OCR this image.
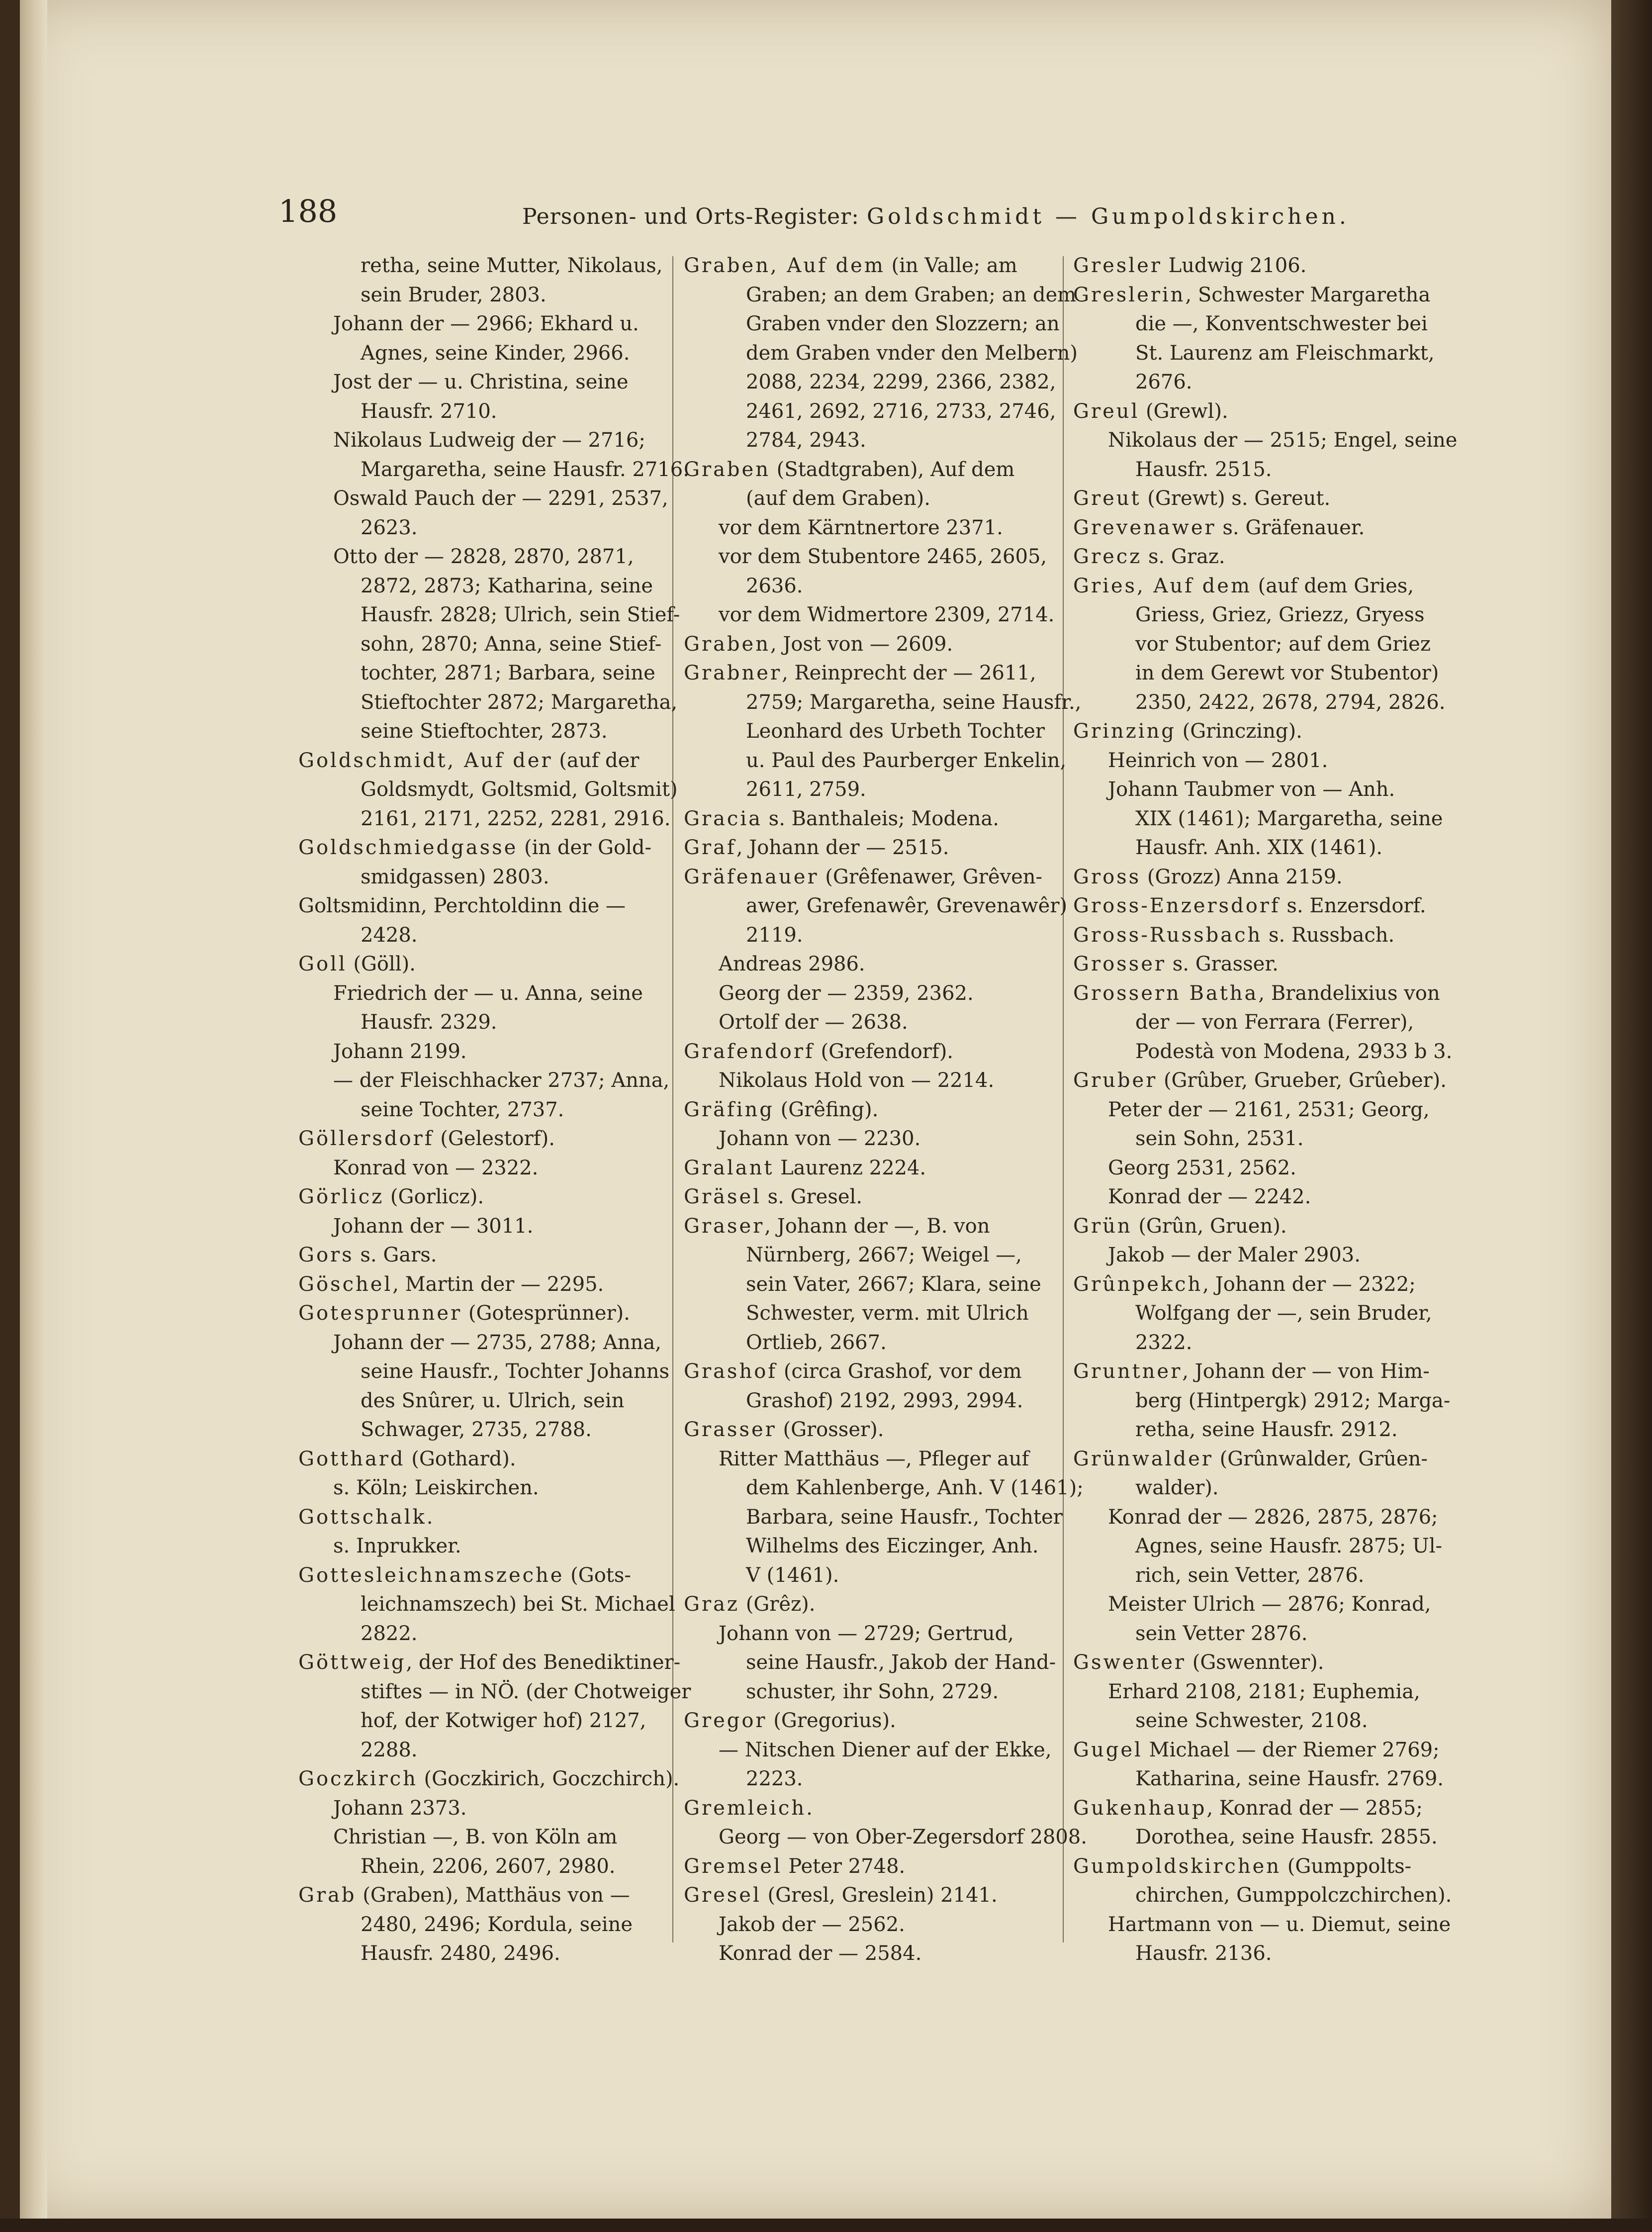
188	Personen- und Orts-Register: Goldschmidt — Gumpoldskirchen.
retha, seine Mutter, Nikolaus,
sein Bruder, 2803.
Johann der — 2966; Ekhard u.
Agnes, seine Kinder, 2966.
Jost der — u. Christina, seine
Hausfr. 2710.
Nikolaus Ludweig der — 2716;
Margaretha, seine Hausfr. 2716.
Oswald Pauch der — 2291, 2537,
2623.
Otto der — 2828, 2870, 2871,
2872, 2873; Katharina, seine
Hausfr. 2828; Ulrich, sein Stief-
sohn, 2870; Anna, seine Stief-
tochter, 2871; Barbara, seine
Stieftochter 2872; Margaretha,
seine Stieftochter, 2873.
Goldschmidt, Auf der (auf der
Goldsmydt, Goltsmid, Goltsmit)
2161, 2171, 2252, 2281, 2916.
Goldschmiedgasse (in der Gold-
smidgassen) 2803.
Goltsmidinn, Perchtoldinn die —
2428.
Goll (Göll).
Friedrich der — u. Anna, seine
Hausfr. 2329.
Johann 2199.
— der Fleischhacker 2737; Anna,
seine Tochter, 2737.
Göllersdorf (Gelestorf).
Konrad von — 2322.
Görlicz (Gorlicz).
Johann der — 3011.
Gors s. Gars.
Göschel, Martin der — 2295.
Gotesprunner (Gotesprünner).
Johann der — 2735, 2788; Anna,
seine Hausfr., Tochter Johanns
des Snûrer, u. Ulrich, sein
Schwager, 2735, 2788.
Gotthard (Gothard).
s. Köln; Leiskirchen.
Gottschalk.
s. Inprukker.
Gottesleichnamszeche (Gots-
leichnamszech) bei St. Michael
2822.
Göttweig, der Hof des Benediktiner-
stiftes — in NÖ. (der Chotweiger
hof, der Kotwiger hof) 2127,
2288.
Goczkirch (Goczkirich, Goczchirch).
Johann 2373.
Christian —, B. von Köln am
Rhein, 2206, 2607, 2980.
Grab (Graben), Matthäus von —
2480, 2496; Kordula, seine
Hausfr. 2480, 2496.
Graben, Auf dem (in Valle; am
Graben; an dem Graben; an dem
Graben vnder den Slozzern; an
dem Graben vnder den Melbern)
2088, 2234, 2299, 2366, 2382,
2461, 2692, 2716, 2733, 2746,
2784, 2943.
Graben (Stadtgraben), Auf dem
(auf dem Graben).
vor dem Kärntnertore 2371.
vor dem Stubentore 2465, 2605,
2636.
vor dem Widmertore 2309, 2714.
Graben, Jost von — 2609.
Grabner, Reinprecht der — 2611,
2759; Margaretha, seine Hausfr.,
Leonhard des Urbeth Tochter
u. Paul des Paurberger Enkelin,
2611, 2759.
Gracia s. Banthaleis; Modena.
Graf, Johann der — 2515.
Gräfenauer (Grêfenawer, Grêven-
awer, Grefenawêr, Grevenawêr)
2119.
Andreas 2986.
Georg der — 2359, 2362.
Ortolf der — 2638.
Grafendorf (Grefendorf).
Nikolaus Hold von — 2214.
Gräfing (Grêfing).
Johann von — 2230.
Gralant Laurenz 2224.
Gräsel s. Gresel.
Graser, Johann der —, B. von
Nürnberg, 2667; Weigel —,
sein Vater, 2667; Klara, seine
Schwester, verm. mit Ulrich
Ortlieb, 2667.
Grashof (circa Grashof, vor dem
Grashof) 2192, 2993, 2994.
Grasser (Grosser).
Ritter Matthäus —, Pfleger auf
dem Kahlenberge, Anh. V (1461);
Barbara, seine Hausfr., Tochter
Wilhelms des Eiczinger, Anh.
V (1461).
Graz (Grêz).
Johann von — 2729; Gertrud,
seine Hausfr., Jakob der Hand-
schuster, ihr Sohn, 2729.
Gregor (Gregorius).
— Nitschen Diener auf der Ekke,
2223.
Gremleich.
Georg — von Ober-Zegersdorf 2808.
Gremsel Peter 2748.
Gresel (Gresl, Greslein) 2141.
Jakob der — 2562.
Konrad der — 2584.
Gresler Ludwig 2106.
Greslerin, Schwester Margaretha
die —, Konventschwester bei
St. Laurenz am Fleischmarkt,
2676.
Greul (Grewl).
Nikolaus der — 2515; Engel, seine
Hausfr. 2515.
Greut (Grewt) s. Gereut.
Grevenawer s. Gräfenauer.
Grecz s. Graz.
Gries, Auf dem (auf dem Gries,
Griess, Griez, Griezz, Gryess
vor Stubentor; auf dem Griez
in dem Gerewt vor Stubentor)
2350, 2422, 2678, 2794, 2826.
Grinzing (Grinczing).
Heinrich von — 2801.
Johann Taubmer von — Anh.
XIX (1461); Margaretha, seine
Hausfr. Anh. XIX (1461).
Gross (Grozz) Anna 2159.
Gross-Enzersdorf s. Enzersdorf.
Gross-Russbach s. Russbach.
Grosser s. Grasser.
Grossern Batha, Brandelixius von
der — von Ferrara (Ferrer),
Podestà von Modena, 2933 b 3.
Gruber (Grûber, Grueber, Grûeber).
Peter der — 2161, 2531; Georg,
sein Sohn, 2531.
Georg 2531, 2562.
Konrad der — 2242.
Grün (Grûn, Gruen).
Jakob — der Maler 2903.
Grûnpekch, Johann der — 2322;
Wolfgang der —, sein Bruder,
2322.
Gruntner, Johann der — von Him-
berg (Hintpergk) 2912; Marga-
retha, seine Hausfr. 2912.
Grünwalder (Grûnwalder, Grûen-
walder).
Konrad der — 2826, 2875, 2876;
Agnes, seine Hausfr. 2875; Ul-
rich, sein Vetter, 2876.
Meister Ulrich — 2876; Konrad,
sein Vetter 2876.
Gswenter (Gswennter).
Erhard 2108, 2181; Euphemia,
seine Schwester, 2108.
Gugel Michael — der Riemer 2769;
Katharina, seine Hausfr. 2769.
Gukenhaup, Konrad der — 2855;
Dorothea, seine Hausfr. 2855.
Gumpoldskirchen (Gumppolts-
chirchen, Gumppolczchirchen).
Hartmann von — u. Diemut, seine
Hausfr. 2136.
